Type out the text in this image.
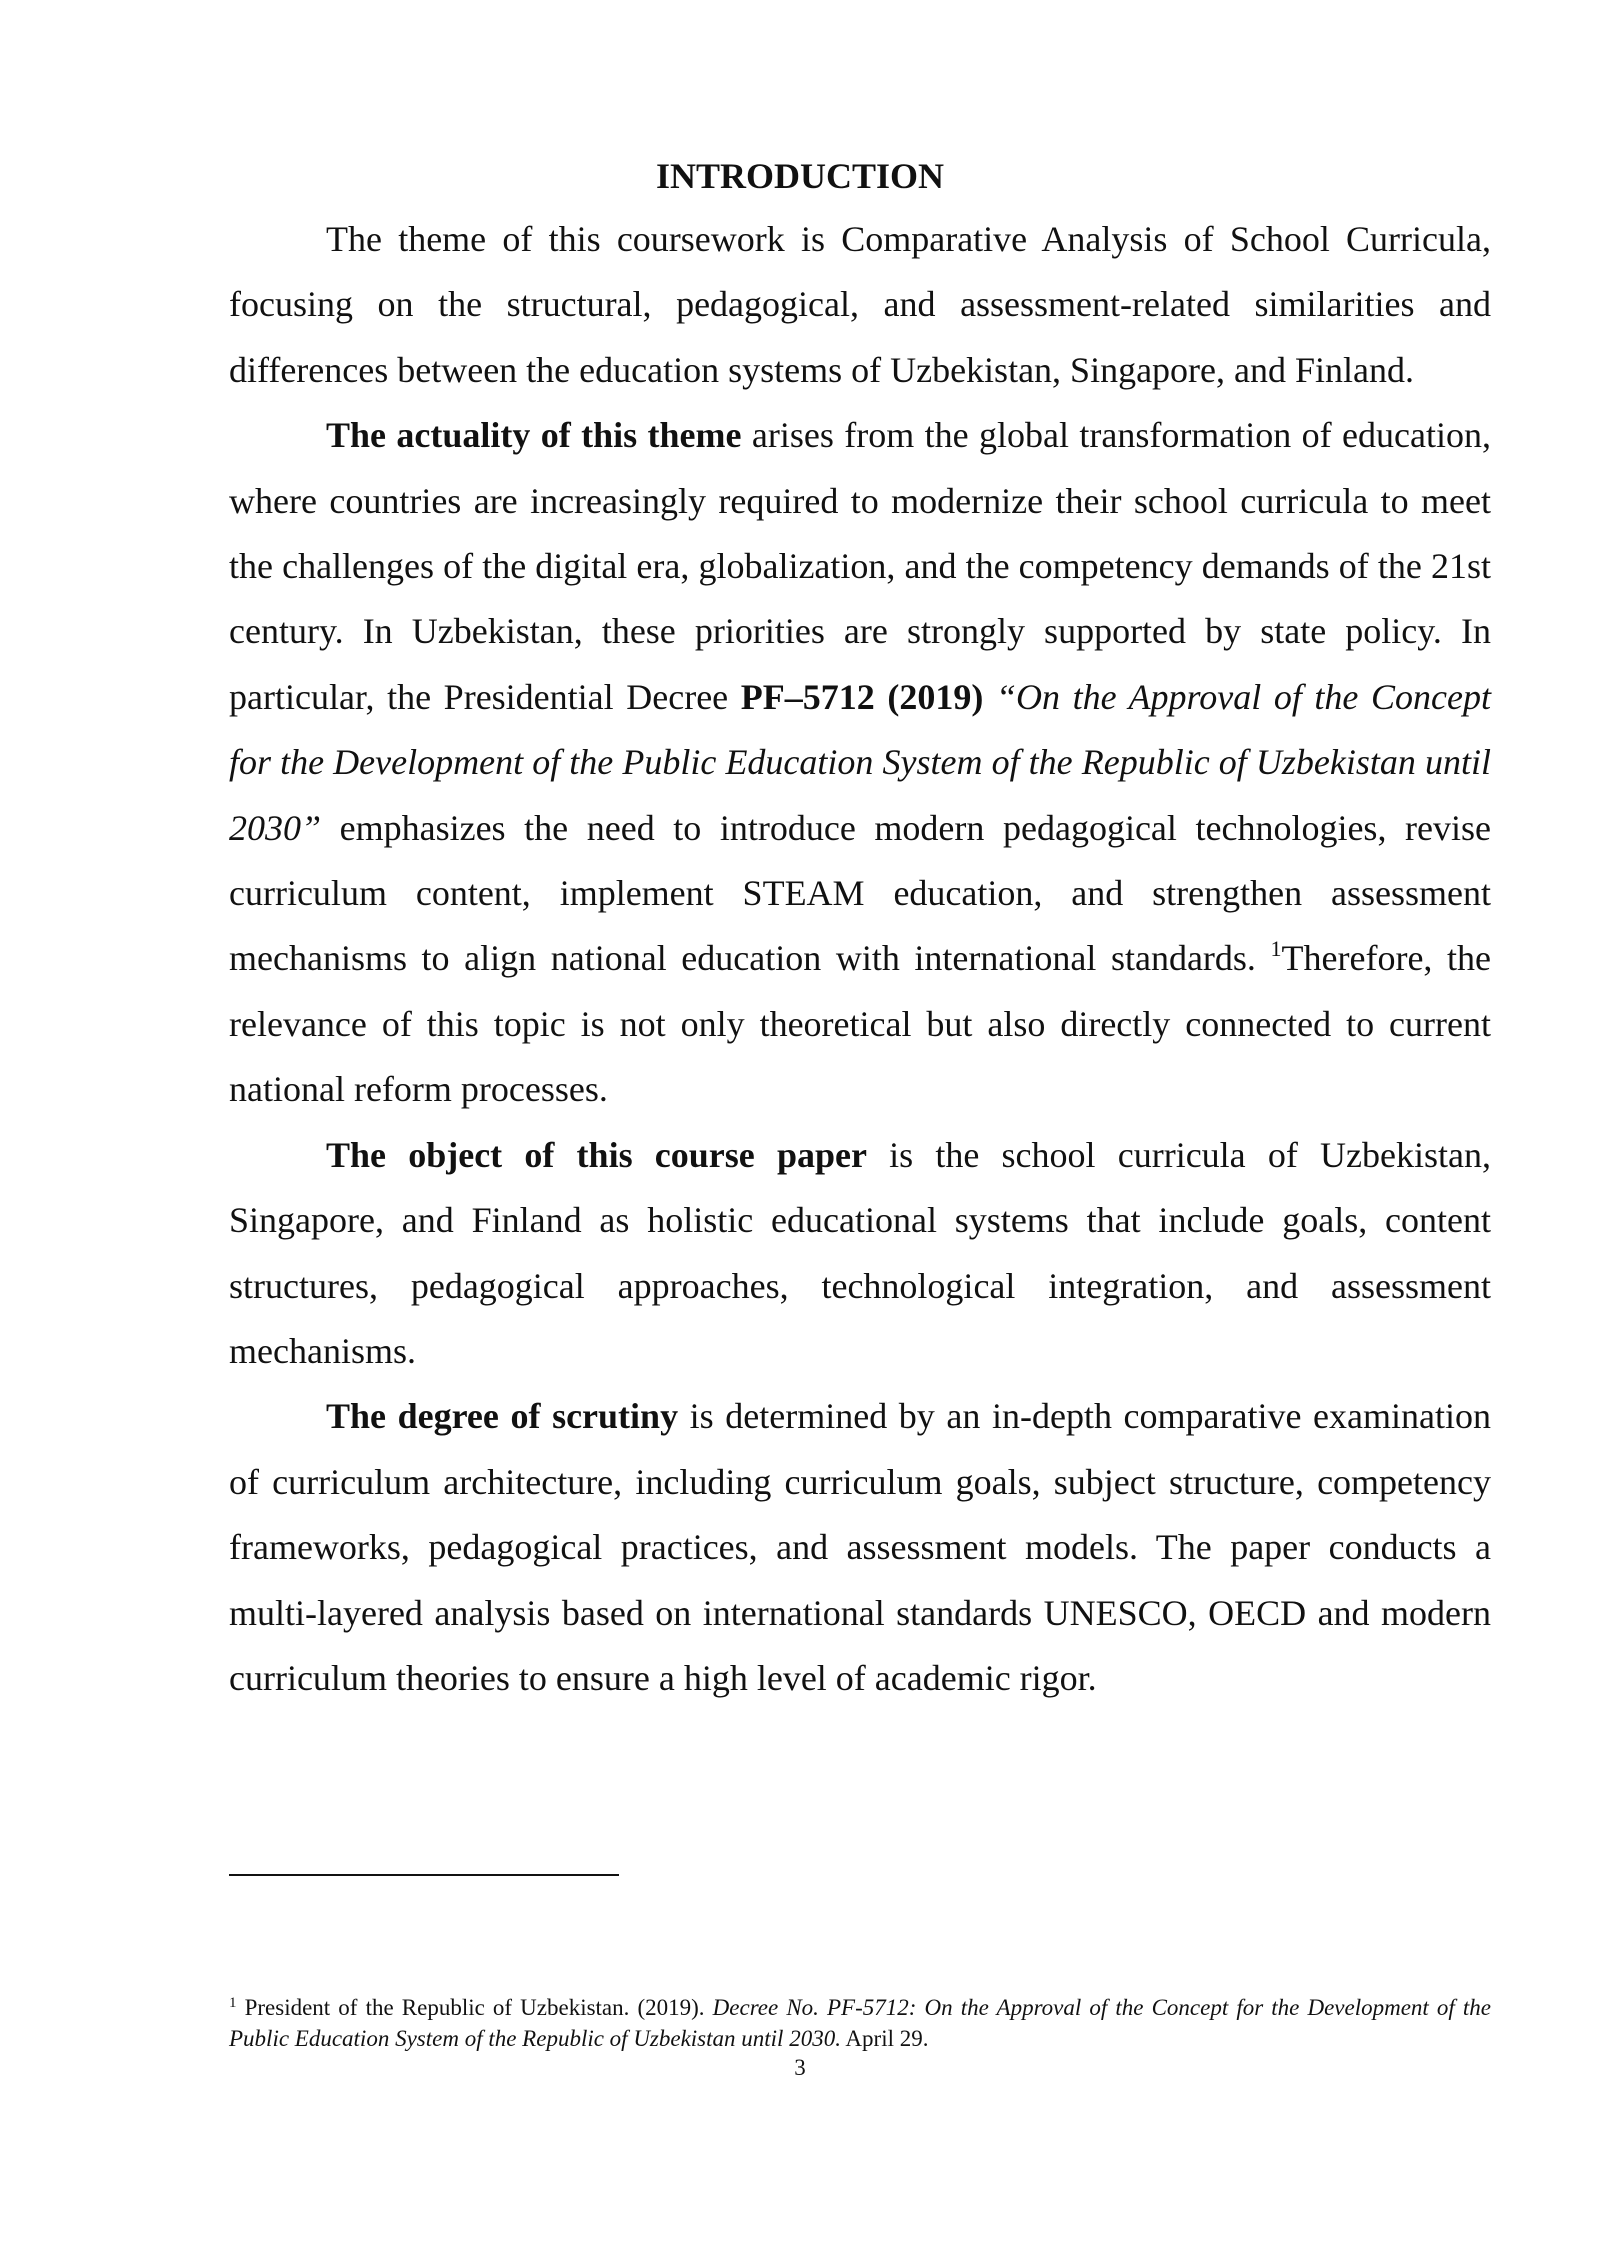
INTRODUCTION

The theme of this coursework is Comparative Analysis of School Curricula, focusing on the structural, pedagogical, and assessment-related similarities and differences between the education systems of Uzbekistan, Singapore, and Finland.

The actuality of this theme arises from the global transformation of education, where countries are increasingly required to modernize their school curricula to meet the challenges of the digital era, globalization, and the competency demands of the 21st century. In Uzbekistan, these priorities are strongly supported by state policy. In particular, the Presidential Decree PF–5712 (2019) “On the Approval of the Concept for the Development of the Public Education System of the Republic of Uzbekistan until 2030” emphasizes the need to introduce modern pedagogical technologies, revise curriculum content, implement STEAM education, and strengthen assessment mechanisms to align national education with international standards. $^1$Therefore, the relevance of this topic is not only theoretical but also directly connected to current national reform processes.

The object of this course paper is the school curricula of Uzbekistan, Singapore, and Finland as holistic educational systems that include goals, content structures, pedagogical approaches, technological integration, and assessment mechanisms.

The degree of scrutiny is determined by an in-depth comparative examination of curriculum architecture, including curriculum goals, subject structure, competency frameworks, pedagogical practices, and assessment models. The paper conducts a multi-layered analysis based on international standards UNESCO, OECD and modern curriculum theories to ensure a high level of academic rigor.

$^1$ President of the Republic of Uzbekistan. (2019). Decree No. PF-5712: On the Approval of the Concept for the Development of the Public Education System of the Republic of Uzbekistan until 2030. April 29.

3
